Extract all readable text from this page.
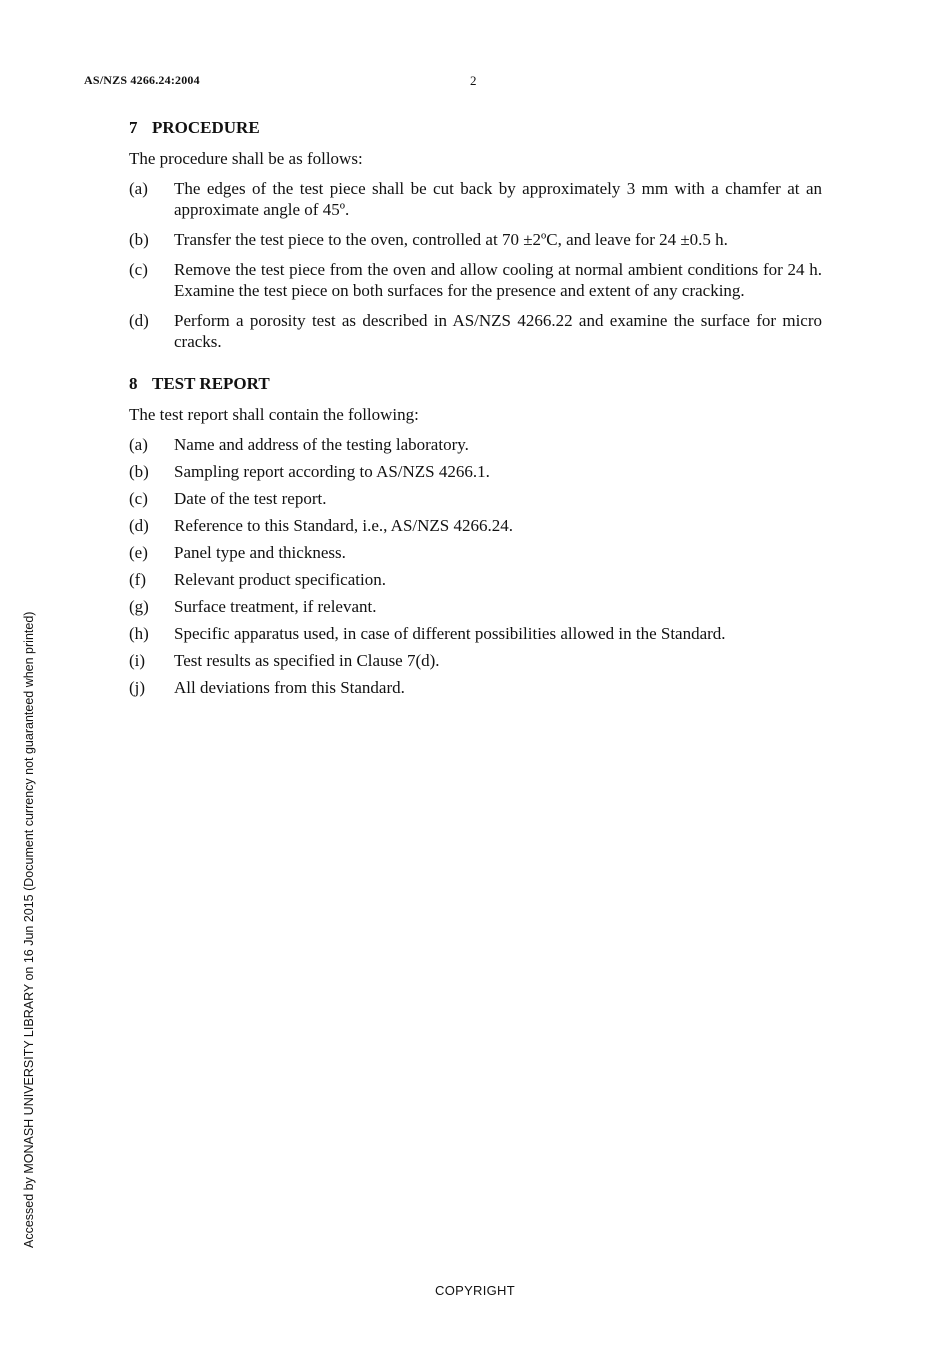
AS/NZS 4266.24:2004	2
7 PROCEDURE
The procedure shall be as follows:
(a)	The edges of the test piece shall be cut back by approximately 3 mm with a chamfer at an approximate angle of 45º.
(b)	Transfer the test piece to the oven, controlled at 70 ±2ºC, and leave for 24 ±0.5 h.
(c)	Remove the test piece from the oven and allow cooling at normal ambient conditions for 24 h. Examine the test piece on both surfaces for the presence and extent of any cracking.
(d)	Perform a porosity test as described in AS/NZS 4266.22 and examine the surface for micro cracks.
8 TEST REPORT
The test report shall contain the following:
(a)	Name and address of the testing laboratory.
(b)	Sampling report according to AS/NZS 4266.1.
(c)	Date of the test report.
(d)	Reference to this Standard, i.e., AS/NZS 4266.24.
(e)	Panel type and thickness.
(f)	Relevant product specification.
(g)	Surface treatment, if relevant.
(h)	Specific apparatus used, in case of different possibilities allowed in the Standard.
(i)	Test results as specified in Clause 7(d).
(j)	All deviations from this Standard.
Accessed by MONASH UNIVERSITY LIBRARY on 16 Jun 2015 (Document currency not guaranteed when printed)
COPYRIGHT
